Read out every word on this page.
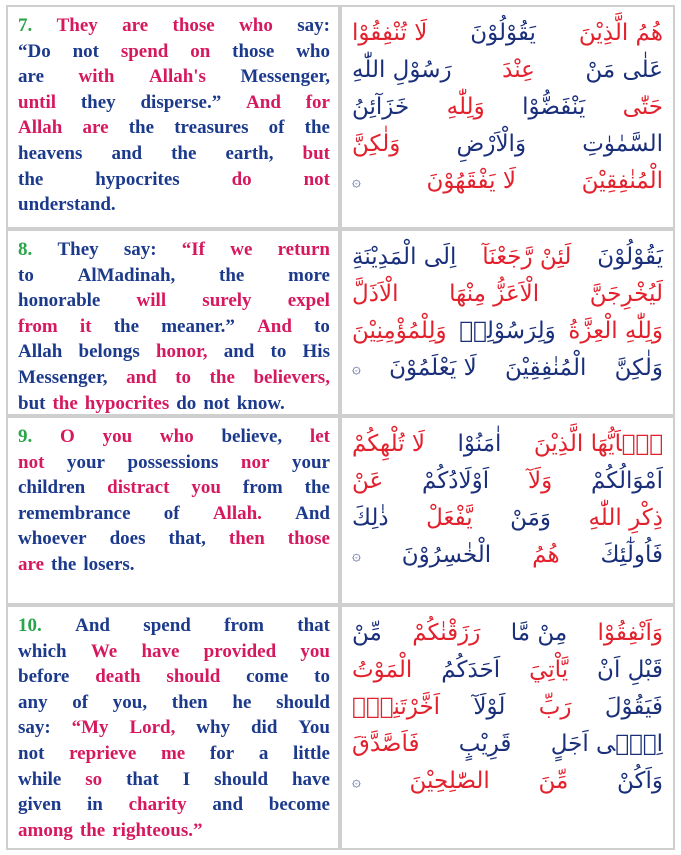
7. They are those who say:
“Do not spend on those who
are with Allah's Messenger,
until they disperse.” And for
Allah are the treasures of the
heavens and the earth, but
the	hypocrites	do	not
understand.
هُمُ الَّذِيْنَ
يَقُوْلُوْنَ
لَا تُنْفِقُوْا
عَلٰى مَنْ
عِنْدَ
رَسُوْلِ اللّٰهِ
حَتّٰى
يَنْفَضُّوْا
وَلِلّٰهِ
خَزَآئِنُ
السَّمٰوٰتِ
وَالْاَرْضِ
وَلٰكِنَّ
الْمُنٰفِقِيْنَ
لَا يَفْقَهُوْنَ
۞
8. They say: “If we return
to AlMadinah, the more
honorable will surely expel
from it the meaner.” And to
Allah belongs honor, and to His
Messenger, and to the believers,
but the hypocrites do not know.
يَقُوْلُوْنَ
لَئِنْ رَّجَعْنَآ
اِلَى الْمَدِيْنَةِ
لَيُخْرِجَنَّ
الْاَعَزُّ مِنْهَا
الْاَذَلَّ
وَلِلّٰهِ الْعِزَّةُ
وَلِرَسُوْلِهٖ
وَلِلْمُؤْمِنِيْنَ
وَلٰكِنَّ
الْمُنٰفِقِيْنَ
لَا يَعْلَمُوْنَ
۞
9. O you who believe, let
not your possessions nor your
children distract you from the
remembrance of Allah. And
whoever does that, then those
are the losers.
يٰۤاَيُّهَا الَّذِيْنَ
اٰمَنُوْا
لَا تُلْهِكُمْ
اَمْوَالُكُمْ
وَلَآ
اَوْلَادُكُمْ
عَنْ
ذِكْرِ اللّٰهِ
وَمَنْ
يَّفْعَلْ
ذٰلِكَ
فَاُولٰٓئِكَ
هُمُ
الْخٰسِرُوْنَ
۞
10. And spend from that
which We have provided you
before death should come to
any of you, then he should
say: “My Lord, why did You
not reprieve me for a little
while so that I should have
given in charity and become
among the righteous.”
وَاَنْفِقُوْا
مِنْ مَّا
رَزَقْنٰكُمْ
مِّنْ
قَبْلِ اَنْ
يَّاْتِيَ
اَحَدَكُمُ
الْمَوْتُ
فَيَقُوْلَ
رَبِّ
لَوْلَآ
اَخَّرْتَنِيْۤ
اِلٰۤى اَجَلٍ
قَرِيْبٍ
فَاَصَّدَّقَ
وَاَكُنْ
مِّنَ
الصّٰلِحِيْنَ
۞
